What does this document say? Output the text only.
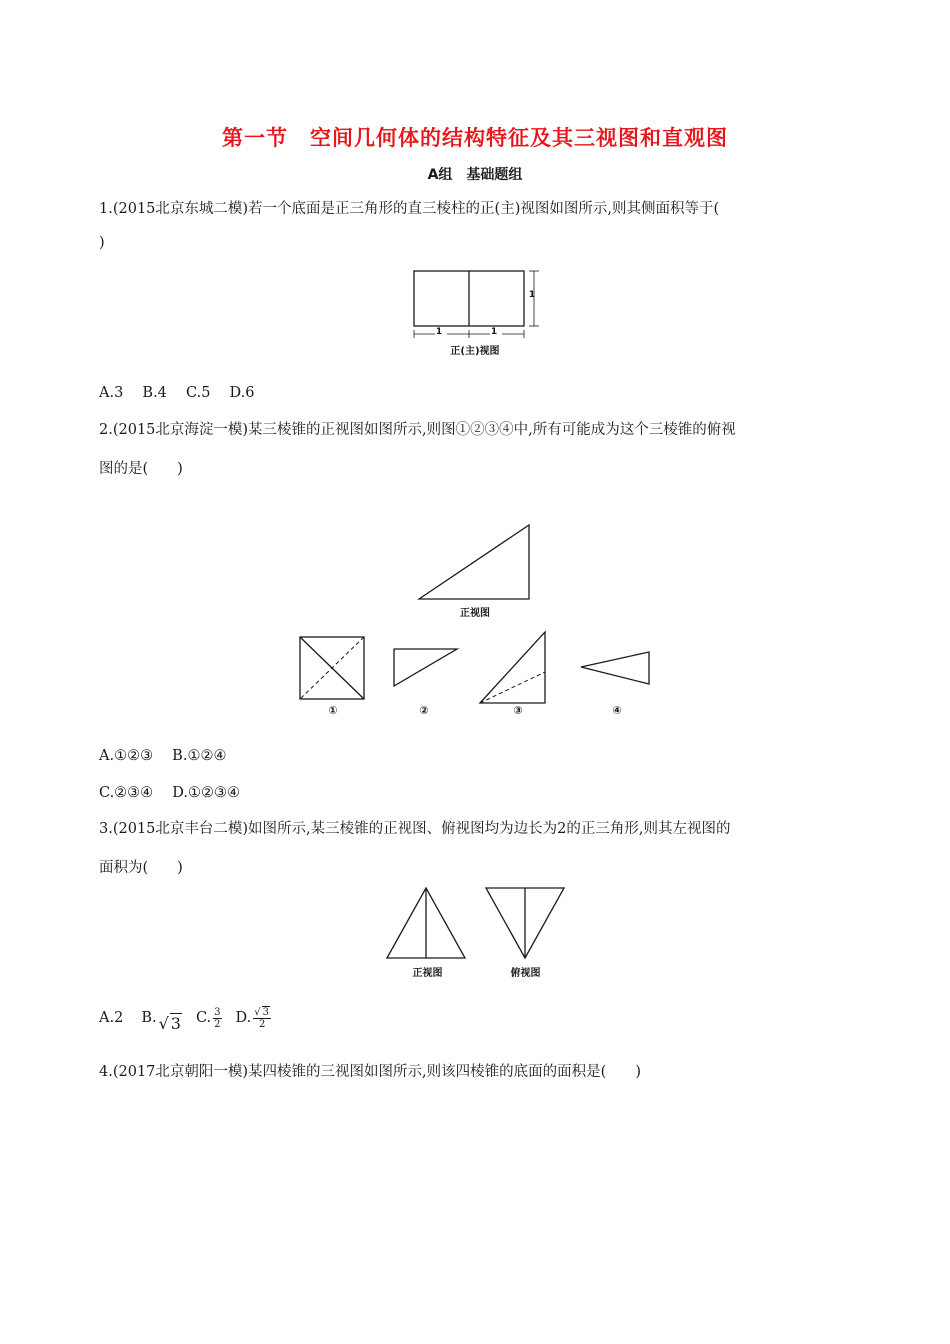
第一节　空间几何体的结构特征及其三视图和直观图
A组　基础题组
1.(2015北京东城二模)若一个底面是正三角形的直三棱柱的正(主)视图如图所示,则其侧面积等于(
)
1	1
1
正(主)视图
A.3　 B.4　 C.5　 D.6
2.(2015北京海淀一模)某三棱锥的正视图如图所示,则图①②③④中,所有可能成为这个三棱锥的俯视
图的是(　　)
正视图
①	②	③	④
A.①②③　 B.①②④
C.②③④　 D.①②③④
3.(2015北京丰台二模)如图所示,某三棱锥的正视图、俯视图均为边长为2的正三角形,则其左视图的
面积为(　　)
正视图	俯视图
A.2 B. √ 3 C. $\frac{3}{2} D$. $\frac{√ 3}{2}$
4.(2017北京朝阳一模)某四棱锥的三视图如图所示,则该四棱锥的底面的面积是(　　)
